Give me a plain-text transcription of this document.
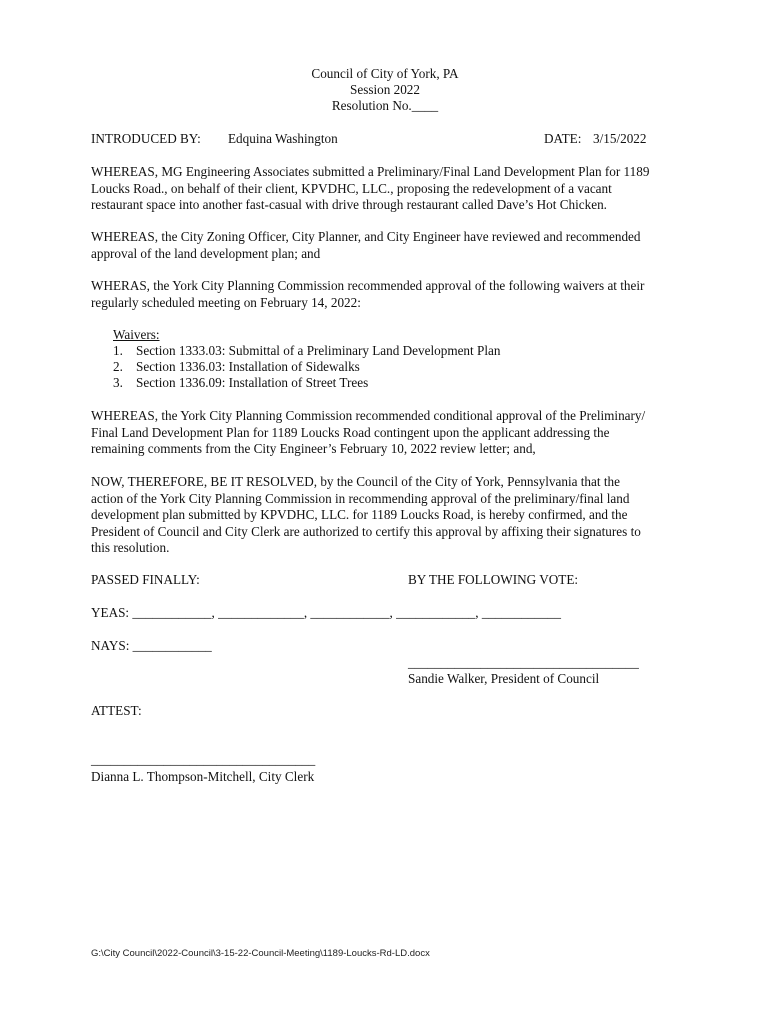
Council of City of York, PA
Session 2022
Resolution No.____
INTRODUCED BY: Edquina Washington	DATE: 3/15/2022
WHEREAS, MG Engineering Associates submitted a Preliminary/Final Land Development Plan for 1189
Loucks Road., on behalf of their client, KPVDHC, LLC., proposing the redevelopment of a vacant
restaurant space into another fast-casual with drive through restaurant called Dave’s Hot Chicken.
WHEREAS, the City Zoning Officer, City Planner, and City Engineer have reviewed and recommended
approval of the land development plan; and
WHERAS, the York City Planning Commission recommended approval of the following waivers at their
regularly scheduled meeting on February 14, 2022:
Waivers:
1. Section 1333.03: Submittal of a Preliminary Land Development Plan
2. Section 1336.03: Installation of Sidewalks
3. Section 1336.09: Installation of Street Trees
WHEREAS, the York City Planning Commission recommended conditional approval of the Preliminary/
Final Land Development Plan for 1189 Loucks Road contingent upon the applicant addressing the
remaining comments from the City Engineer’s February 10, 2022 review letter; and,
NOW, THEREFORE, BE IT RESOLVED, by the Council of the City of York, Pennsylvania that the
action of the York City Planning Commission in recommending approval of the preliminary/final land
development plan submitted by KPVDHC, LLC. for 1189 Loucks Road, is hereby confirmed, and the
President of Council and City Clerk are authorized to certify this approval by affixing their signatures to
this resolution.
PASSED FINALLY:	BY THE FOLLOWING VOTE:
YEAS: ____________, _____________, ____________, ____________, ____________
NAYS: ____________
___________________________________
Sandie Walker, President of Council
ATTEST:
__________________________________
Dianna L. Thompson-Mitchell, City Clerk
G:\City Council\2022-Council\3-15-22-Council-Meeting\1189-Loucks-Rd-LD.docx
